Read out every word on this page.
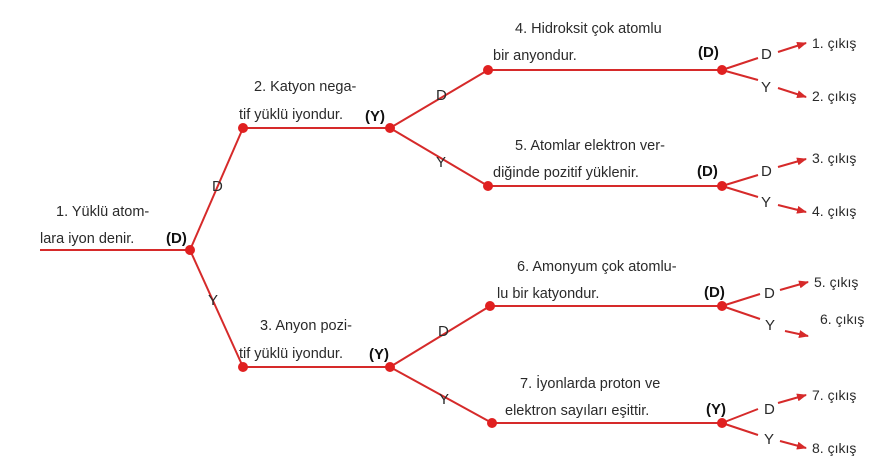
1. Yüklü atom-
lara iyon denir.
2. Katyon nega-
tif yüklü iyondur.
3. Anyon pozi-
tif yüklü iyondur.
4. Hidroksit çok atomlu
bir anyondur.
5. Atomlar elektron ver-
diğinde pozitif yüklenir.
6. Amonyum çok atomlu-
lu bir katyondur.
7. İyonlarda proton ve
elektron sayıları eşittir.
(D)
(Y)
(Y)
(D)
(D)
(D)
(Y)
D
Y
D
Y
D
Y
D
Y
D
Y
D
Y
D
Y
1. çıkış
2. çıkış
3. çıkış
4. çıkış
5. çıkış
6. çıkış
7. çıkış
8. çıkış
